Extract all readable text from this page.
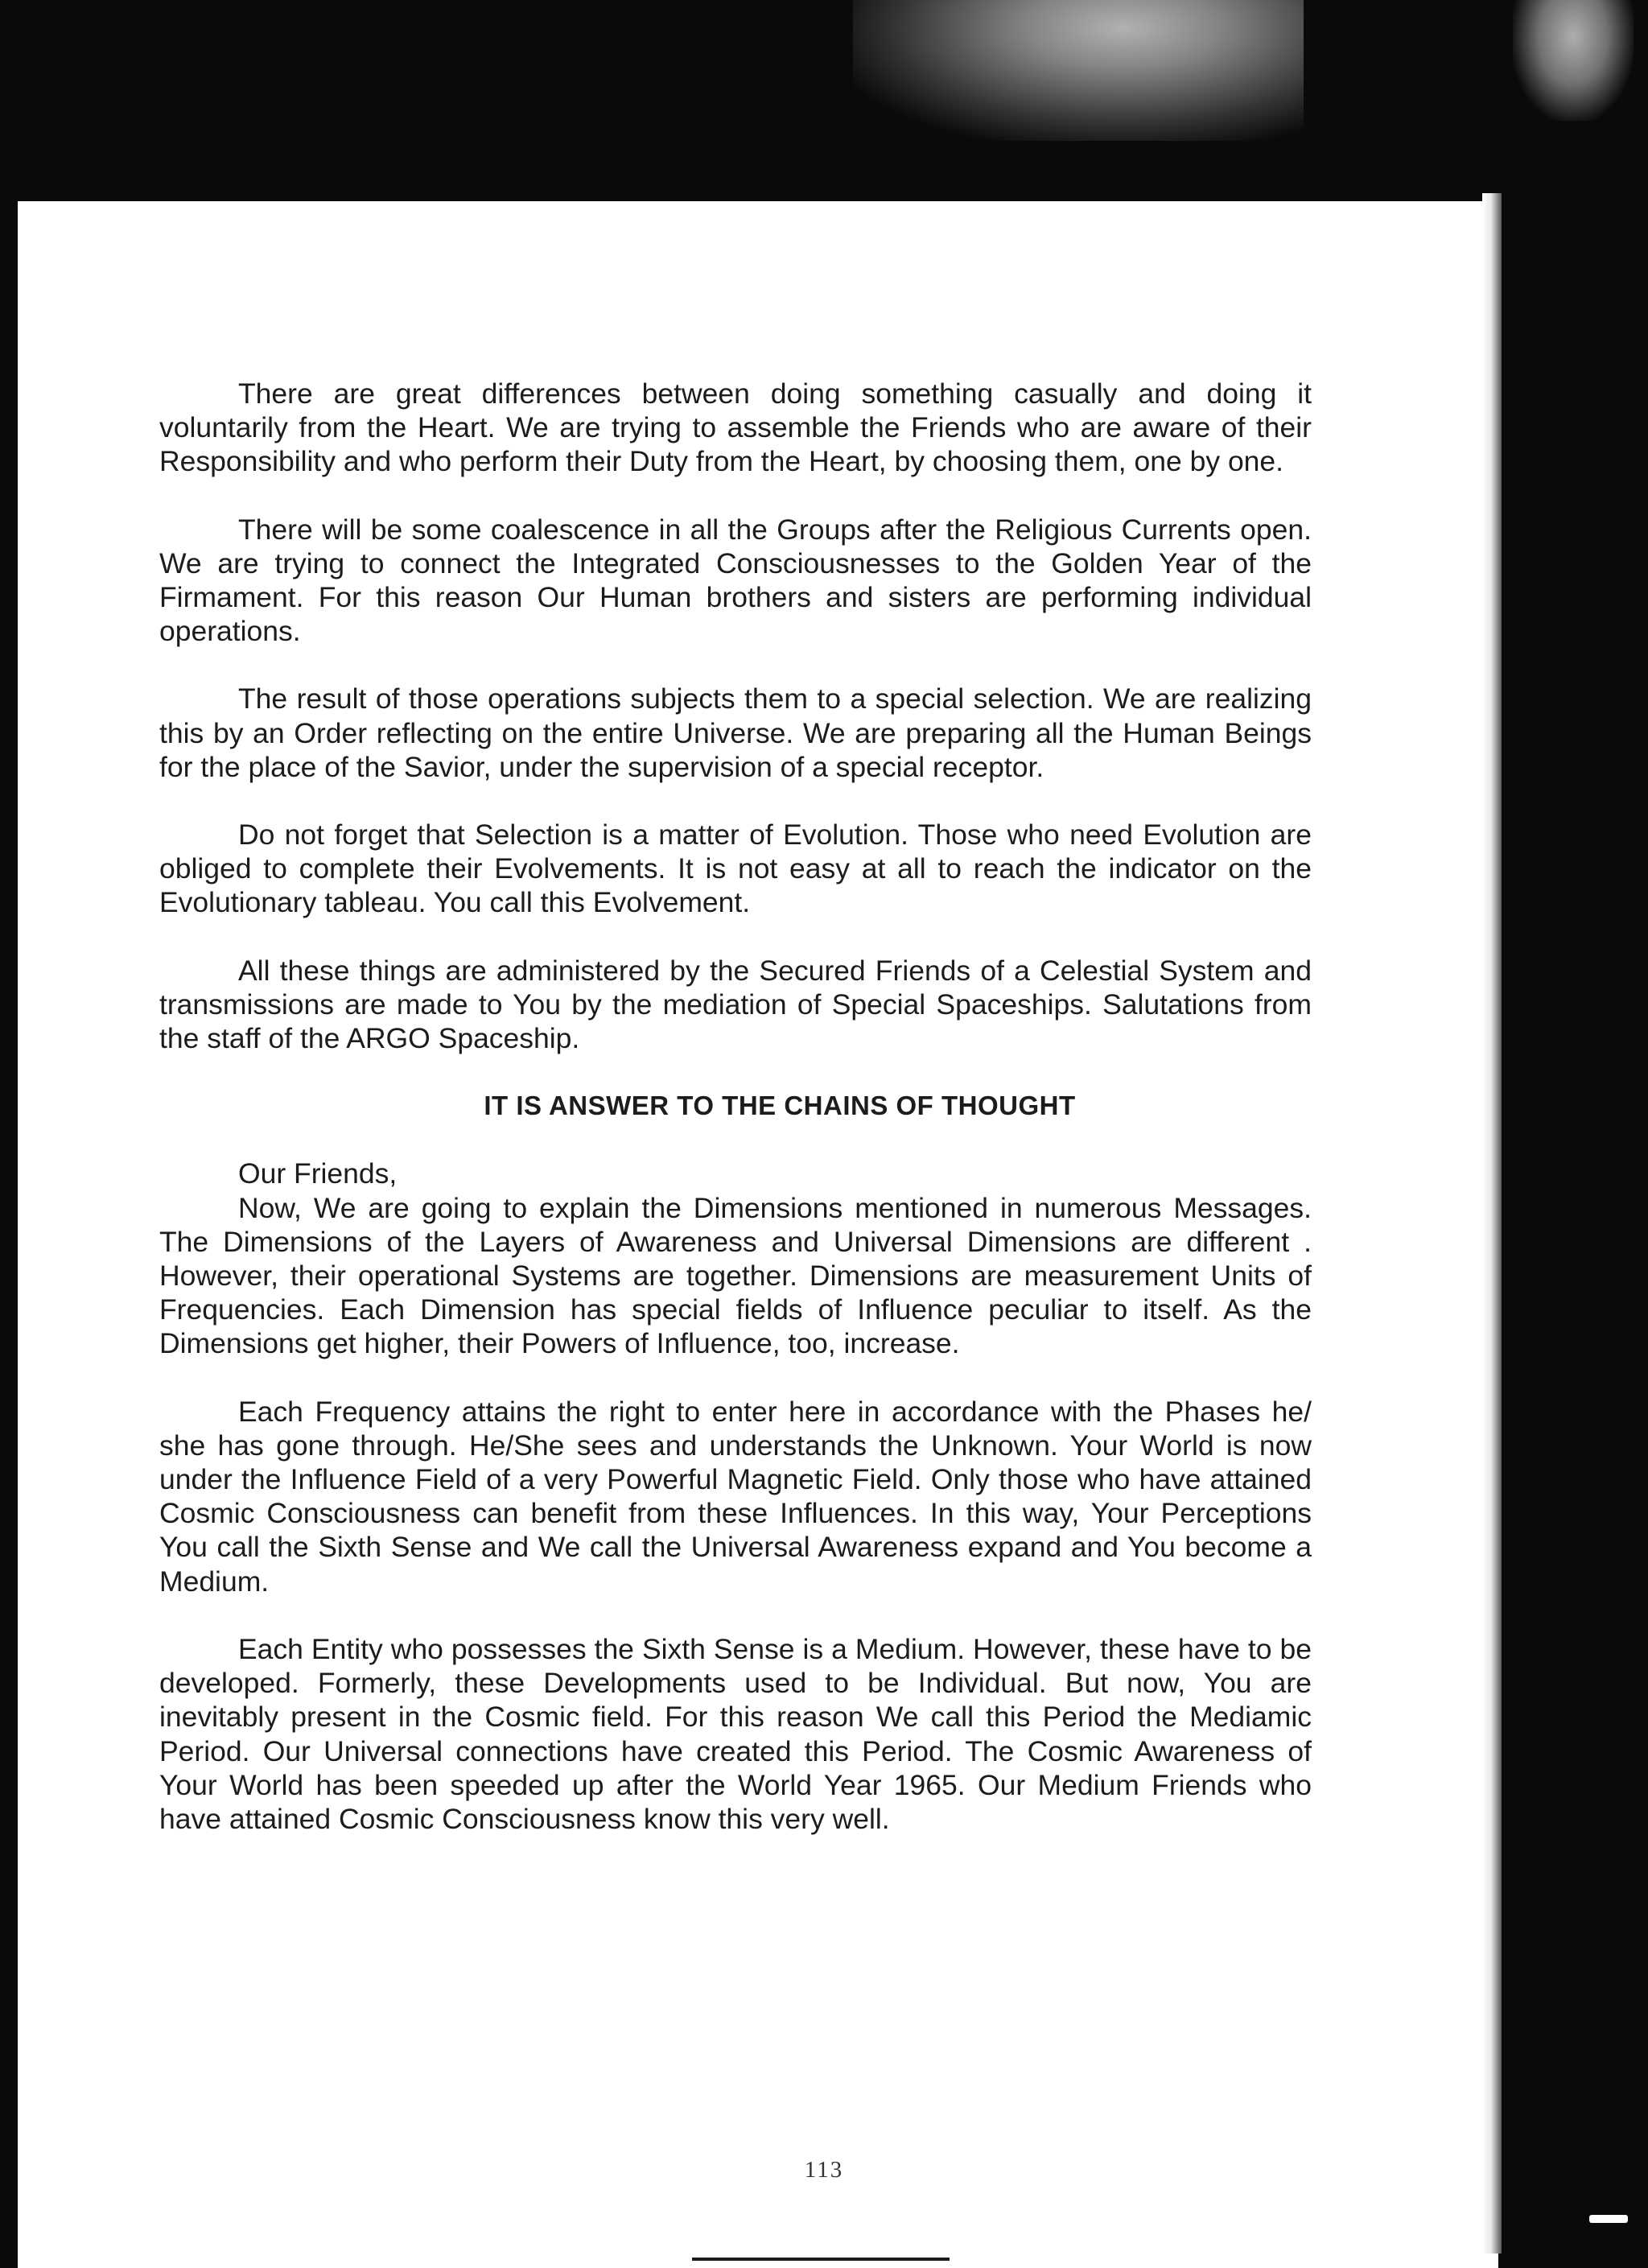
There are great differences between doing something casually and doing it voluntarily from the Heart. We are trying to assemble the Friends who are aware of their Responsibility and who perform their Duty from the Heart, by choosing them, one by one.

There will be some coalescence in all the Groups after the Religious Currents open. We are trying to connect the Integrated Consciousnesses to the Golden Year of the Firmament. For this reason Our Human brothers and sisters are performing individual operations.

The result of those operations subjects them to a special selection. We are realizing this by an Order reflecting on the entire Universe. We are preparing all the Human Beings for the place of the Savior, under the supervision of a special receptor.

Do not forget that Selection is a matter of Evolution. Those who need Evolution are obliged to complete their Evolvements. It is not easy at all to reach the indicator on the Evolutionary tableau. You call this Evolvement.

All these things are administered by the Secured Friends of a Celestial System and transmissions are made to You by the mediation of Special Spaceships. Salutations from the staff of the ARGO Spaceship.

IT IS ANSWER TO THE CHAINS OF THOUGHT

Our Friends,

Now, We are going to explain the Dimensions mentioned in numerous Messages. The Dimensions of the Layers of Awareness and Universal Dimensions are different . However, their operational Systems are together. Dimensions are measurement Units of Frequencies. Each Dimension has special fields of Influence peculiar to itself. As the Dimensions get higher, their Powers of Influence, too, increase.

Each Frequency attains the right to enter here in accordance with the Phases he/ she has gone through. He/She sees and understands the Unknown. Your World is now under the Influence Field of a very Powerful Magnetic Field. Only those who have attained Cosmic Consciousness can benefit from these Influences. In this way, Your Perceptions You call the Sixth Sense and We call the Universal Awareness expand and You become a Medium.

Each Entity who possesses the Sixth Sense is a Medium. However, these have to be developed. Formerly, these Developments used to be Individual. But now, You are inevitably present in the Cosmic field. For this reason We call this Period the Mediamic Period. Our Universal connections have created this Period. The Cosmic Awareness of Your World has been speeded up after the World Year 1965. Our Medium Friends who have attained Cosmic Consciousness know this very well.

113
